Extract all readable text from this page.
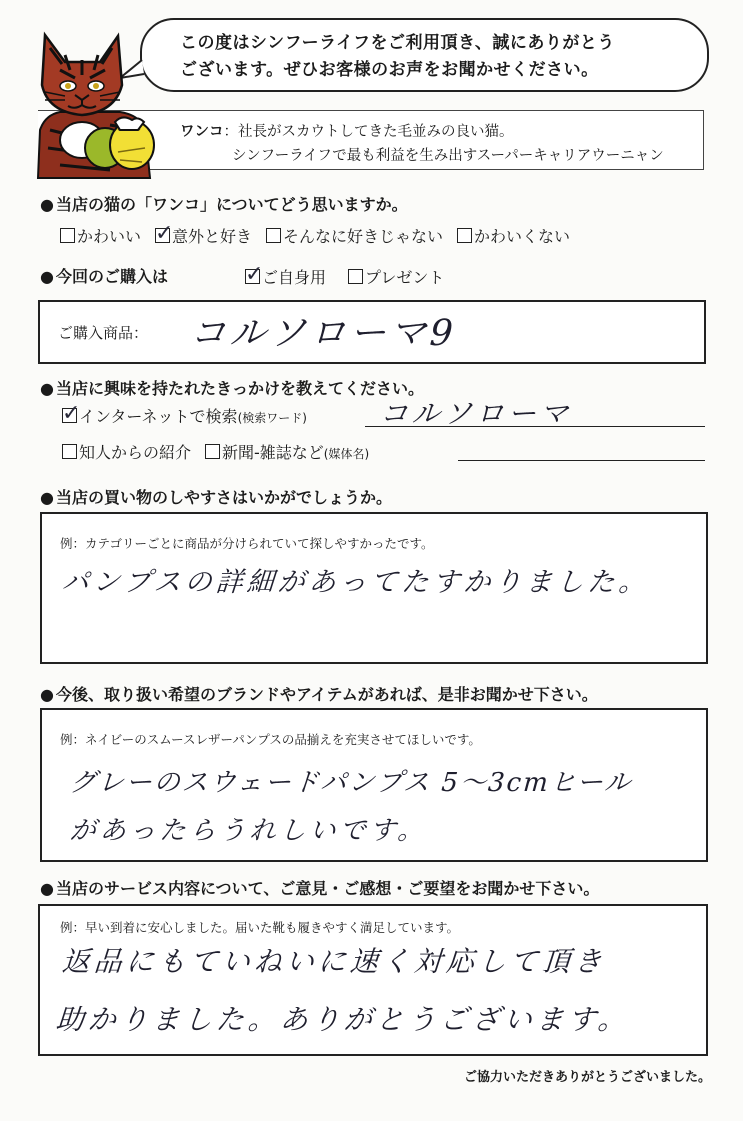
この度はシンフーライフをご利用頂き、誠にありがとう
ございます。ぜひお客様のお声をお聞かせください。
ワンコ：社長がスカウトしてきた毛並みの良い猫。
シンフーライフで最も利益を生み出すスーパーキャリアウーニャン
● 当店の猫の「ワンコ」についてどう思いますか。
かわいい ✓
意外と好き	そんなに好きじゃない	かわいくない
● 今回のご購入は	✓
ご自身用	プレゼント
ご購入商品： コルソローマ9
● 当店に興味を持たれたきっかけを教えてください。
✓
インターネットで検索(検索ワード)	コルソローマ
知人からの紹介	新聞-雑誌など(媒体名)
● 当店の買い物のしやすさはいかがでしょうか。
例：カテゴリーごとに商品が分けられていて探しやすかったです。
パンプスの詳細があってたすかりました。
● 今後、取り扱い希望のブランドやアイテムがあれば、是非お聞かせ下さい。
例：ネイビーのスムースレザーパンプスの品揃えを充実させてほしいです。
グレーのスウェードパンプス 5〜3cmヒール
があったらうれしいです。
● 当店のサービス内容について、ご意見・ご感想・ご要望をお聞かせ下さい。
例：早い到着に安心しました。届いた靴も履きやすく満足しています。
返品にもていねいに速く対応して頂き
助かりました。ありがとうございます。
ご協力いただきありがとうございました。
